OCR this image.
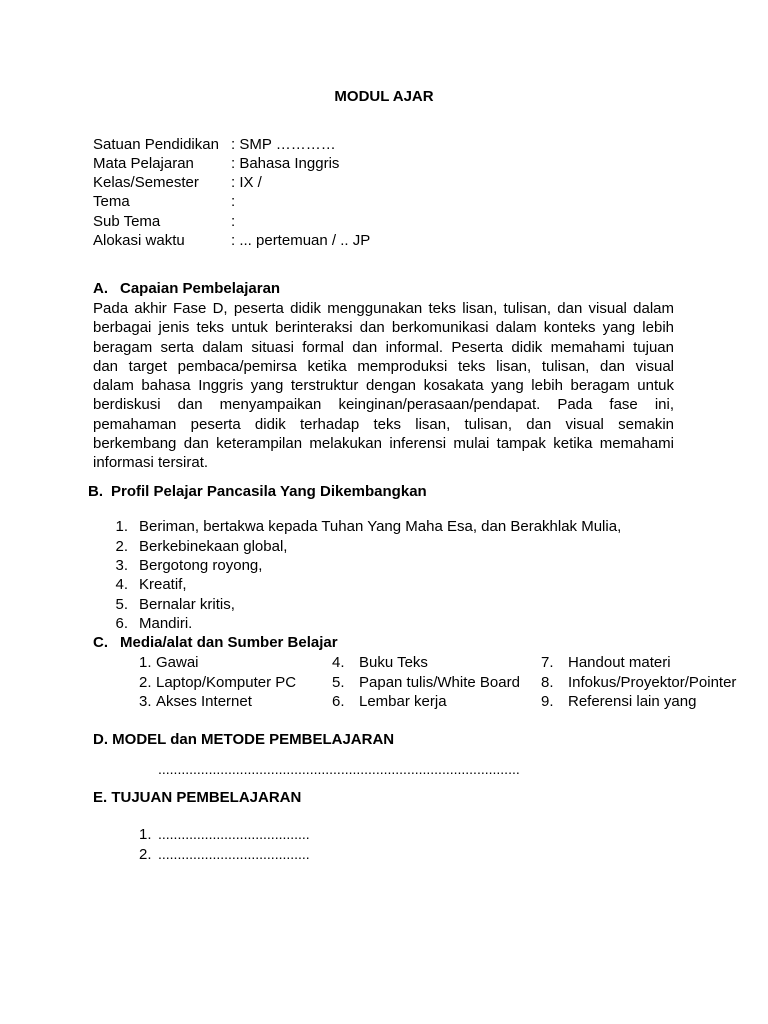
MODUL AJAR
Satuan Pendidikan : SMP …………
Mata Pelajaran : Bahasa Inggris
Kelas/Semester : IX /
Tema	:
Sub Tema	:
Alokasi waktu	: ... pertemuan / .. JP
A. Capaian Pembelajaran
Pada akhir Fase D, peserta didik menggunakan teks lisan, tulisan, dan visual dalam
berbagai jenis teks untuk berinteraksi dan berkomunikasi dalam konteks yang lebih
beragam serta dalam situasi formal dan informal. Peserta didik memahami tujuan
dan target pembaca/pemirsa ketika memproduksi teks lisan, tulisan, dan visual
dalam bahasa Inggris yang terstruktur dengan kosakata yang lebih beragam untuk
berdiskusi dan menyampaikan keinginan/perasaan/pendapat. Pada fase ini,
pemahaman peserta didik terhadap teks lisan, tulisan, dan visual semakin
berkembang dan keterampilan melakukan inferensi mulai tampak ketika memahami
informasi tersirat.
B. Profil Pelajar Pancasila Yang Dikembangkan
1. Beriman, bertakwa kepada Tuhan Yang Maha Esa, dan Berakhlak Mulia,
2. Berkebinekaan global,
3. Bergotong royong,
4. Kreatif,
5. Bernalar kritis,
6. Mandiri.
C. Media/alat dan Sumber Belajar
1. Gawai
2. Laptop/Komputer PC
3. Akses Internet
4. Buku Teks
5. Papan tulis/White Board
6. Lembar kerja
7. Handout materi
8. Infokus/Proyektor/Pointer
9. Referensi lain yang
D. MODEL dan METODE PEMBELAJARAN
.............................................................................................
E. TUJUAN PEMBELAJARAN
1. .......................................
2. .......................................
